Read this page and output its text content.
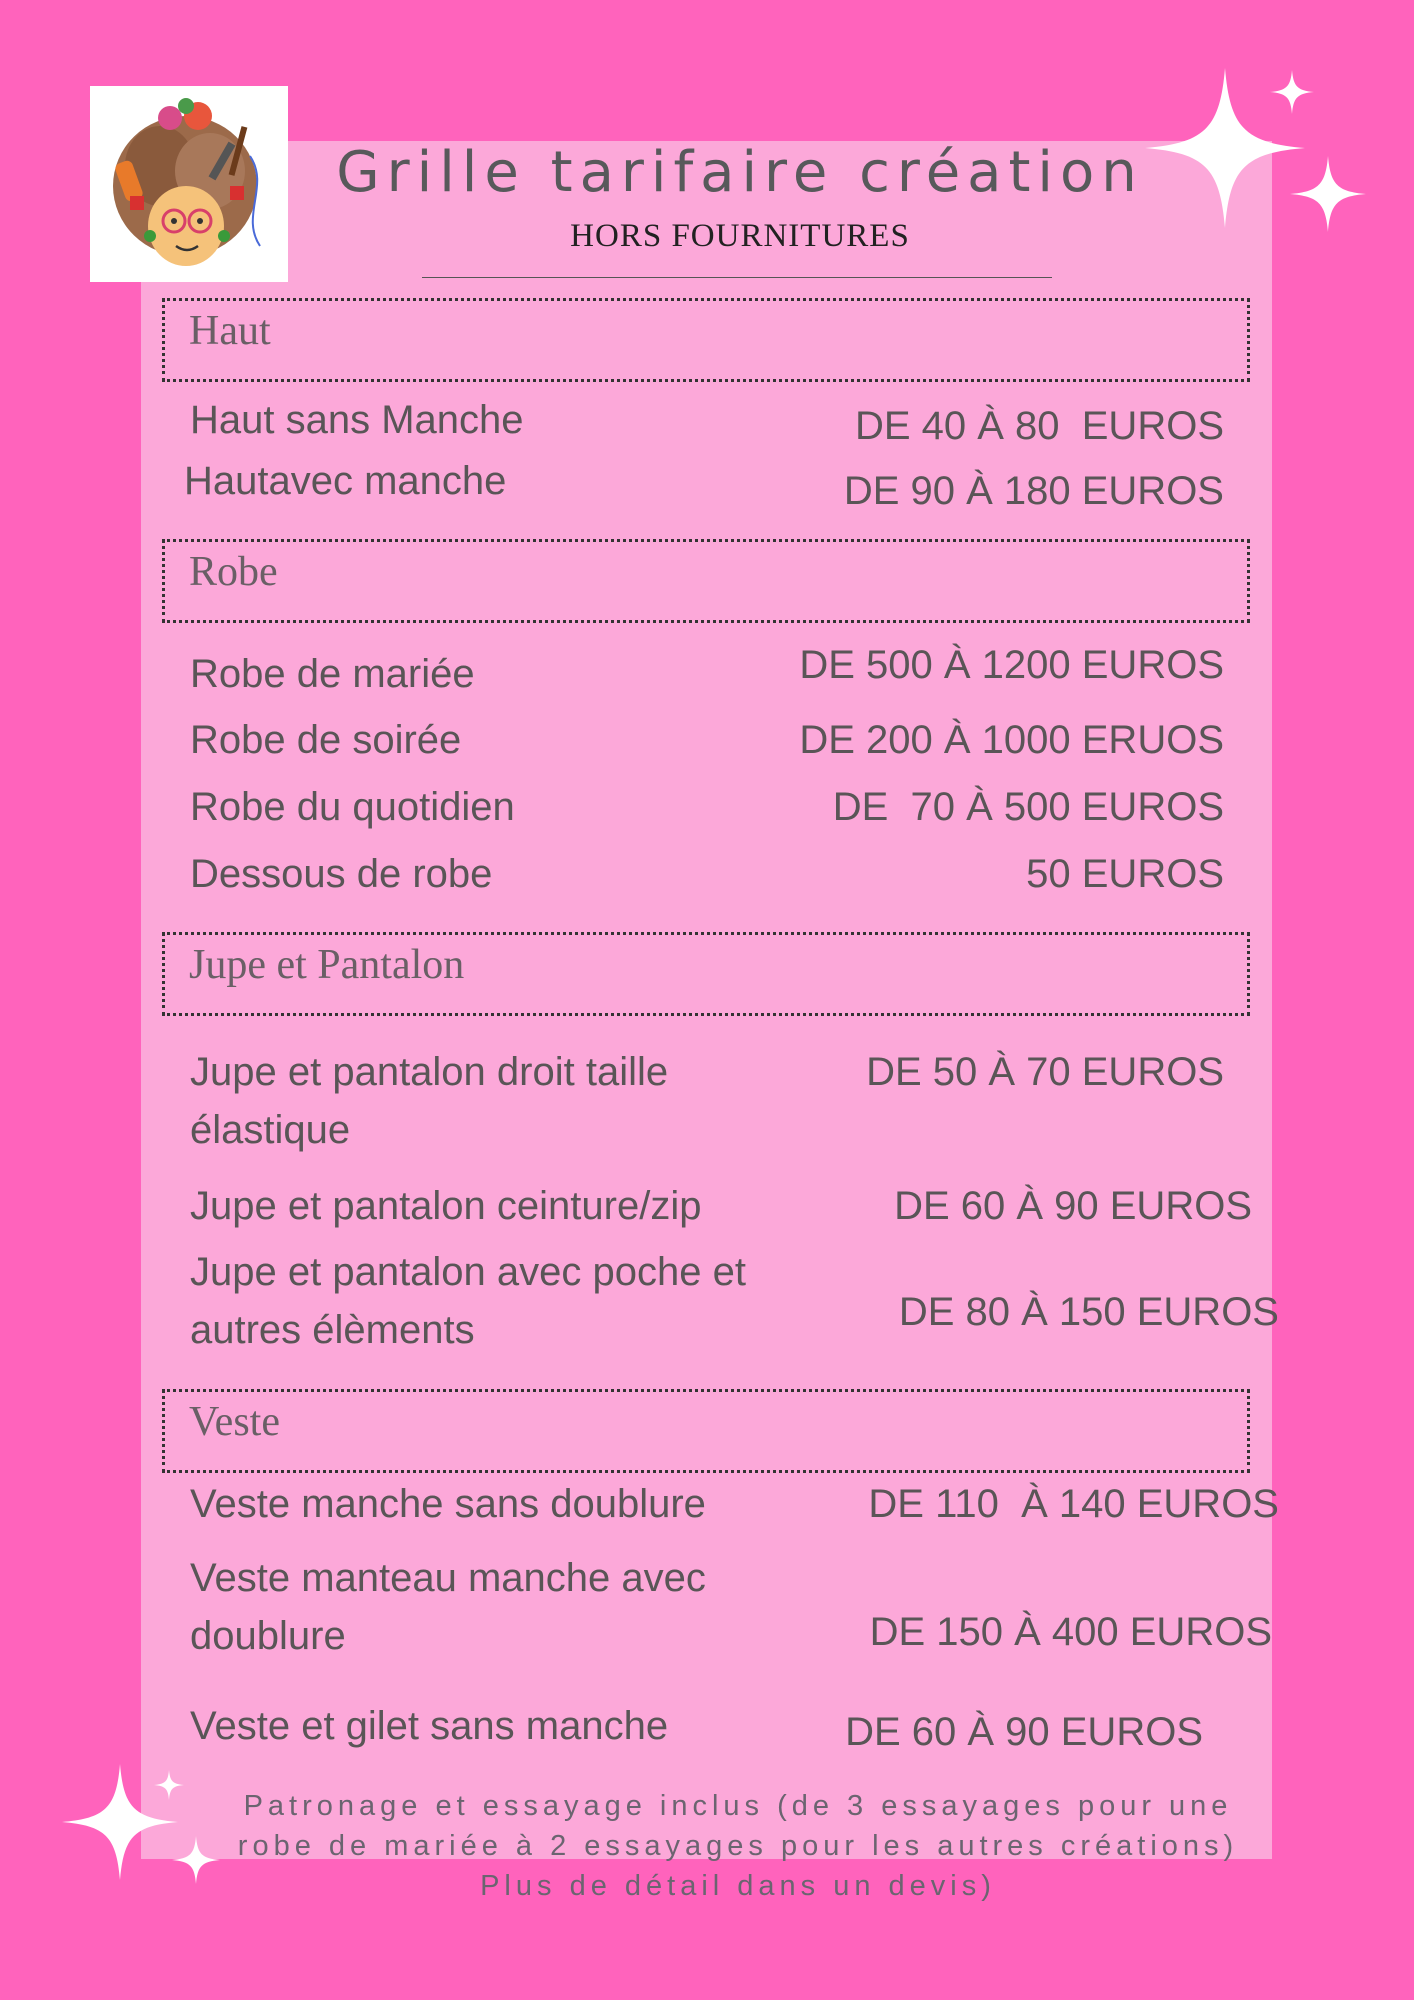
Grille tarifaire création
HORS FOURNITURES
Haut
Haut sans Manche	DE 40 À 80  EUROS
Hautavec manche	DE 90 À 180 EUROS
Robe
Robe de mariée	DE 500 À 1200 EUROS
Robe de soirée	DE 200 À 1000 ERUOS
Robe du quotidien	DE  70 À 500 EUROS
Dessous de robe	50 EUROS
Jupe et Pantalon
Jupe et pantalon droit taille élastique
DE 50 À 70 EUROS
Jupe et pantalon ceinture/zip	DE 60 À 90 EUROS
Jupe et pantalon avec poche et autres élèments	DE 80 À 150 EUROS
Veste
Veste manche sans doublure	DE 110  À 140 EUROS
Veste manteau manche avec doublure	DE 150 À 400 EUROS
Veste et gilet sans manche	DE 60 À 90 EUROS
Patronage et essayage inclus (de 3 essayages pour une robe de mariée à 2 essayages pour les autres créations)
Plus de détail dans un devis)
